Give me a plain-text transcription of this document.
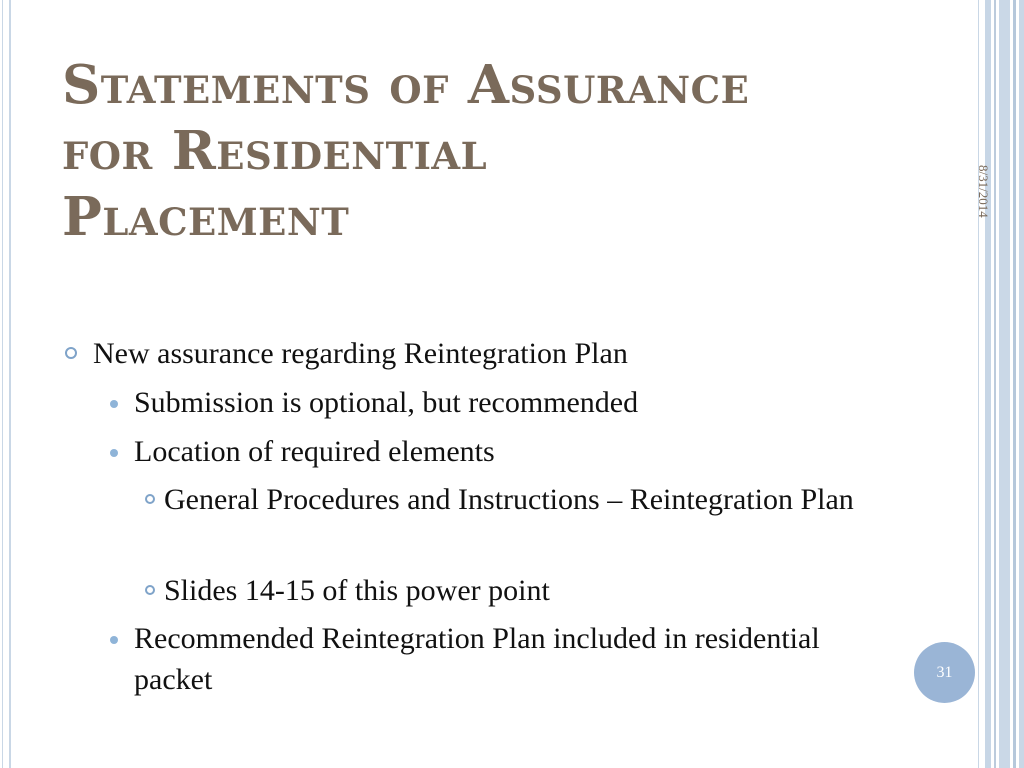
Statements of Assurance
for Residential
Placement	8/31/2014
New assurance regarding Reintegration Plan
Submission is optional, but recommended
Location of required elements
General Procedures and Instructions – Reintegration Plan
Slides 14-15 of this power point
Recommended Reintegration Plan included in residential packet	31
